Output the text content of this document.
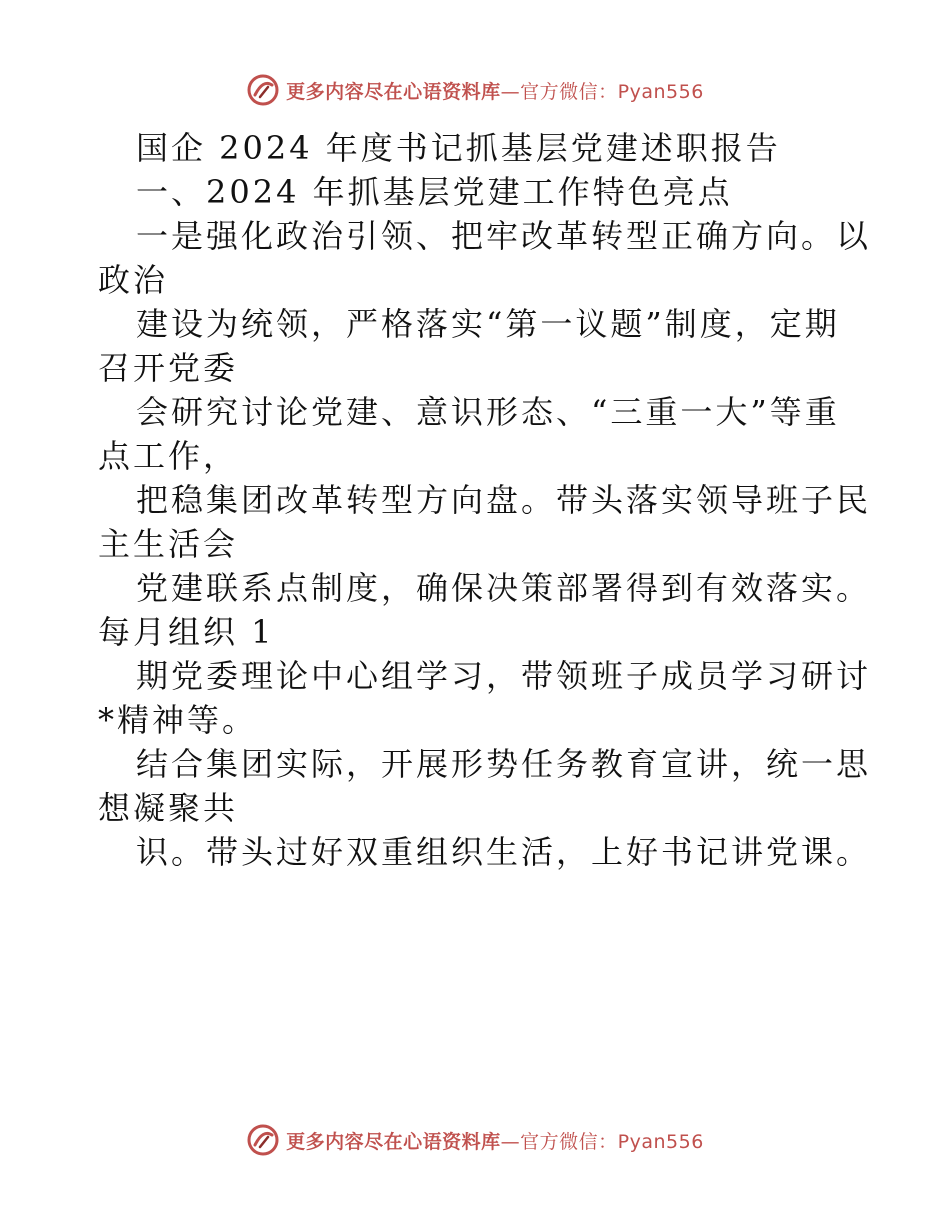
更多内容尽在心语资料库—官方微信：Pyan556

国企 2024 年度书记抓基层党建述职报告

一、2024 年抓基层党建工作特色亮点

一是强化政治引领、把牢改革转型正确方向。以

政治

建设为统领，严格落实“第一议题”制度，定期

召开党委

会研究讨论党建、意识形态、“三重一大”等重

点工作，

把稳集团改革转型方向盘。带头落实领导班子民

主生活会

党建联系点制度，确保决策部署得到有效落实。

每月组织 1

期党委理论中心组学习，带领班子成员学习研讨

*精神等。

结合集团实际，开展形势任务教育宣讲，统一思

想凝聚共

识。带头过好双重组织生活，上好书记讲党课。

更多内容尽在心语资料库—官方微信：Pyan556
